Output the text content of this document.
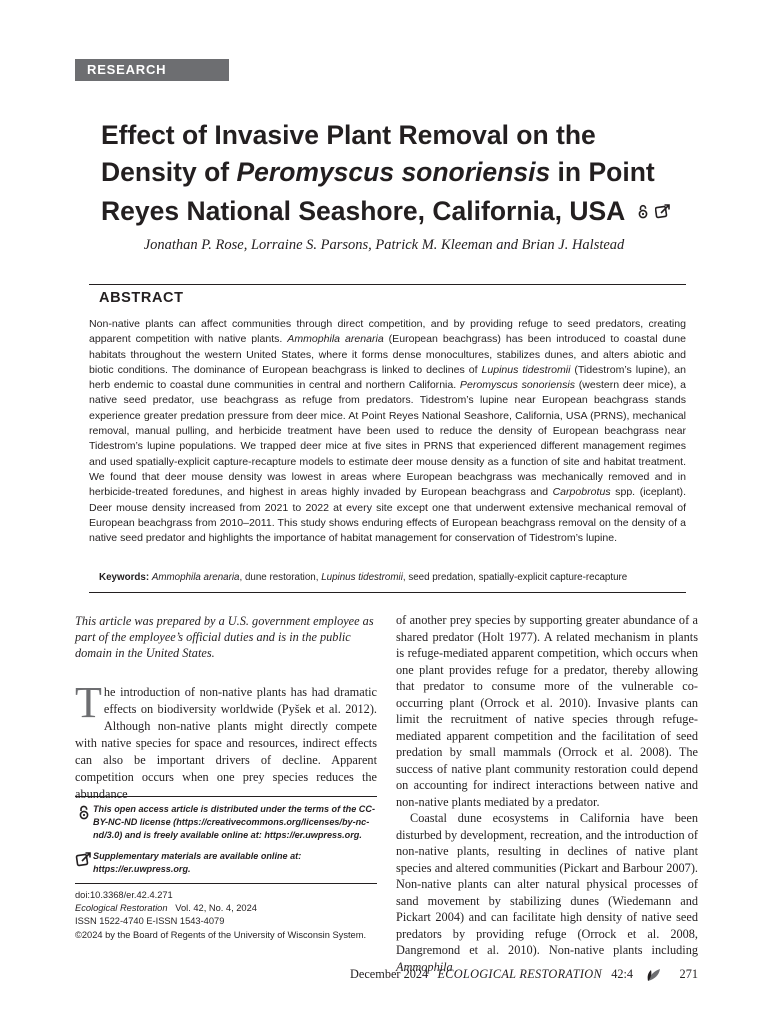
RESEARCH ARTICLE
Effect of Invasive Plant Removal on the
Density of Peromyscus sonoriensis in Point
Reyes National Seashore, California, USA
Jonathan P. Rose, Lorraine S. Parsons, Patrick M. Kleeman and Brian J. Halstead
ABSTRACT
Non-native plants can affect communities through direct competition, and by providing refuge to seed predators, creating apparent competition with native plants. Ammophila arenaria (European beachgrass) has been introduced to coastal dune habitats throughout the western United States, where it forms dense monocultures, stabilizes dunes, and alters abiotic and biotic conditions. The dominance of European beachgrass is linked to declines of Lupinus tidestromii (Tidestrom’s lupine), an herb endemic to coastal dune communities in central and northern California. Peromyscus sonoriensis (western deer mice), a native seed predator, use beachgrass as refuge from predators. Tidestrom’s lupine near European beachgrass stands experience greater predation pressure from deer mice. At Point Reyes National Seashore, California, USA (PRNS), mechanical removal, manual pulling, and herbicide treatment have been used to reduce the density of European beachgrass near Tidestrom’s lupine populations. We trapped deer mice at five sites in PRNS that experienced different management regimes and used spatially-explicit capture-recapture models to estimate deer mouse density as a function of site and habitat treatment. We found that deer mouse density was lowest in areas where European beachgrass was mechanically removed and in herbicide-treated foredunes, and highest in areas highly invaded by European beachgrass and Carpobrotus spp. (iceplant). Deer mouse density increased from 2021 to 2022 at every site except one that underwent extensive mechanical removal of European beachgrass from 2010–2011. This study shows enduring effects of European beachgrass removal on the density of a native seed predator and highlights the importance of habitat management for conservation of Tidestrom’s lupine.
Keywords: Ammophila arenaria, dune restoration, Lupinus tidestromii, seed predation, spatially-explicit capture-recapture
This article was prepared by a U.S. government employee as part of the employee’s official duties and is in the public domain in the United States.
The introduction of non-native plants has had dramatic effects on biodiversity worldwide (Pyšek et al. 2012). Although non-native plants might directly compete with native species for space and resources, indirect effects can also be important drivers of decline. Apparent competition occurs when one prey species reduces the abundance
This open access article is distributed under the terms of the CC-BY-NC-ND license (https://creativecommons.org/licenses/by-nc-nd/3.0) and is freely available online at: https://er.uwpress.org.
Supplementary materials are available online at: https://er.uwpress.org.
doi:10.3368/er.42.4.271
Ecological Restoration Vol. 42, No. 4, 2024
ISSN 1522-4740 E-ISSN 1543-4079
©2024 by the Board of Regents of the University of Wisconsin System.

of another prey species by supporting greater abundance of a shared predator (Holt 1977). A related mechanism in plants is refuge-mediated apparent competition, which occurs when one plant provides refuge for a predator, thereby allowing that predator to consume more of the vulnerable co-occurring plant (Orrock et al. 2010). Invasive plants can limit the recruitment of native species through refuge-mediated apparent competition and the facilitation of seed predation by small mammals (Orrock et al. 2008). The success of native plant community restoration could depend on accounting for indirect interactions between native and non-native plants mediated by a predator.

Coastal dune ecosystems in California have been disturbed by development, recreation, and the introduction of non-native plants, resulting in declines of native plant species and altered communities (Pickart and Barbour 2007). Non-native plants can alter natural physical processes of sand movement by stabilizing dunes (Wiedemann and Pickart 2004) and can facilitate high density of native seed predators by providing refuge (Orrock et al. 2008, Dangremond et al. 2010). Non-native plants including Ammophila

December 2024 ECOLOGICAL RESTORATION 42:4	271
